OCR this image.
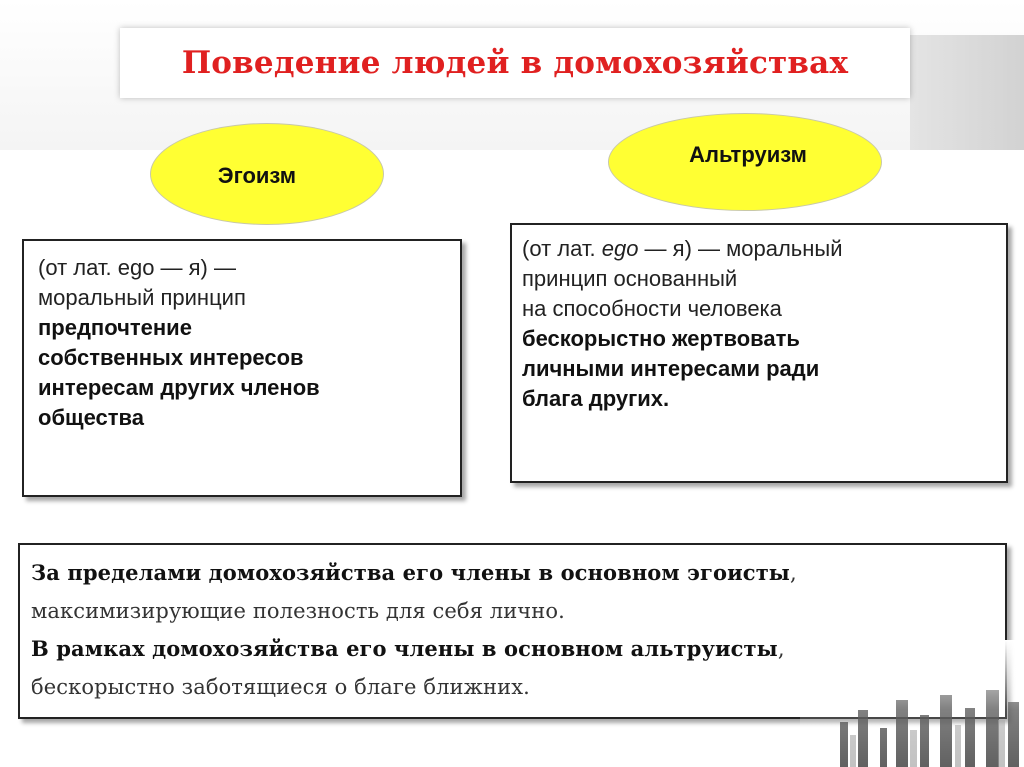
Поведение людей в домохозяйствах
Эгоизм
Альтруизм
(от лат. ego — я) —
моральный принцип
предпочтение
собственных интересов
интересам других членов
общества
(от лат. ego — я) — моральный
принцип основанный
на способности человека
бескорыстно жертвовать
личными интересами ради
блага других.
За пределами домохозяйства его члены в основном эгоисты,
максимизирующие полезность для себя лично.
В рамках домохозяйства его члены в основном альтруисты,
бескорыстно заботящиеся о благе ближних.
